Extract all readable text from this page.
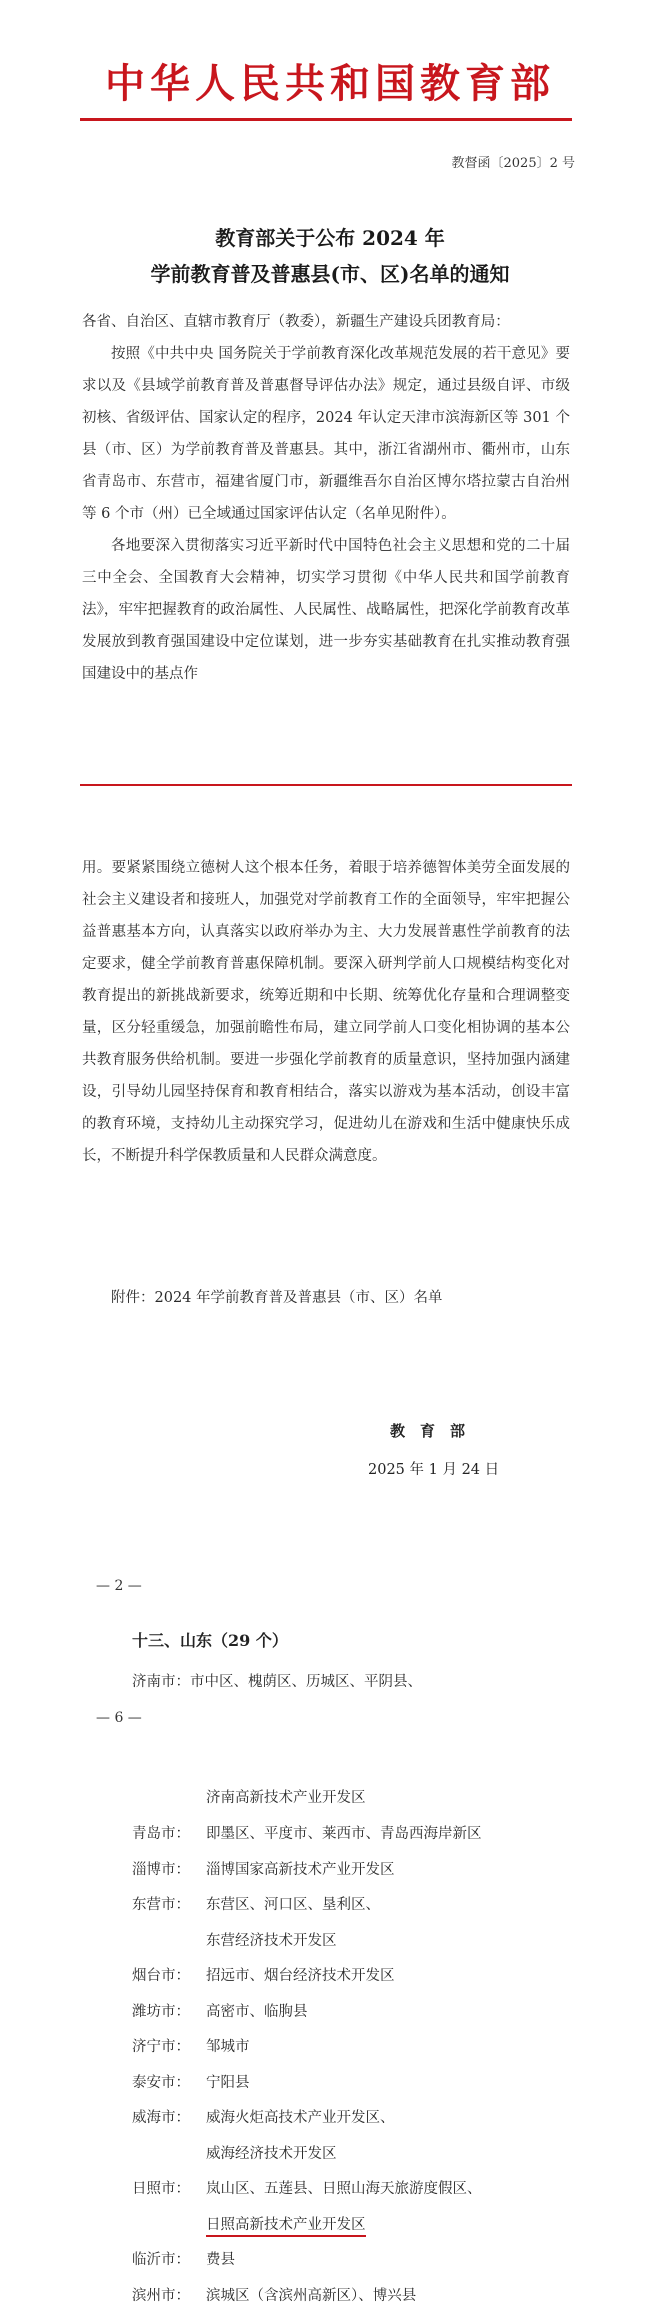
中华人民共和国教育部
教督函〔2025〕2 号
教育部关于公布 2024 年
学前教育普及普惠县(市、区)名单的通知

各省、自治区、直辖市教育厅（教委），新疆生产建设兵团教育局：

按照《中共中央 国务院关于学前教育深化改革规范发展的若干意见》要求以及《县域学前教育普及普惠督导评估办法》规定，通过县级自评、市级初核、省级评估、国家认定的程序，2024 年认定天津市滨海新区等 301 个县（市、区）为学前教育普及普惠县。其中，浙江省湖州市、衢州市，山东省青岛市、东营市，福建省厦门市，新疆维吾尔自治区博尔塔拉蒙古自治州等 6 个市（州）已全域通过国家评估认定（名单见附件）。

各地要深入贯彻落实习近平新时代中国特色社会主义思想和党的二十届三中全会、全国教育大会精神，切实学习贯彻《中华人民共和国学前教育法》，牢牢把握教育的政治属性、人民属性、战略属性，把深化学前教育改革发展放到教育强国建设中定位谋划，进一步夯实基础教育在扎实推动教育强国建设中的基点作

用。要紧紧围绕立德树人这个根本任务，着眼于培养德智体美劳全面发展的社会主义建设者和接班人，加强党对学前教育工作的全面领导，牢牢把握公益普惠基本方向，认真落实以政府举办为主、大力发展普惠性学前教育的法定要求，健全学前教育普惠保障机制。要深入研判学前人口规模结构变化对教育提出的新挑战新要求，统筹近期和中长期、统筹优化存量和合理调整变量，区分轻重缓急，加强前瞻性布局，建立同学前人口变化相协调的基本公共教育服务供给机制。要进一步强化学前教育的质量意识，坚持加强内涵建设，引导幼儿园坚持保育和教育相结合，落实以游戏为基本活动，创设丰富的教育环境，支持幼儿主动探究学习，促进幼儿在游戏和生活中健康快乐成长，不断提升科学保教质量和人民群众满意度。

附件：2024 年学前教育普及普惠县（市、区）名单

教　育　部
2025 年 1 月 24 日
— 2 —
十三、山东（29 个）
济南市：市中区、槐荫区、历城区、平阴县、
— 6 —
济南高新技术产业开发区
青岛市： 即墨区、平度市、莱西市、青岛西海岸新区
淄博市： 淄博国家高新技术产业开发区
东营市： 东营区、河口区、垦利区、
东营经济技术开发区
烟台市： 招远市、烟台经济技术开发区
潍坊市： 高密市、临朐县
济宁市： 邹城市
泰安市： 宁阳县
威海市： 威海火炬高技术产业开发区、
威海经济技术开发区
日照市： 岚山区、五莲县、日照山海天旅游度假区、
日照高新技术产业开发区
临沂市： 费县
滨州市： 滨城区（含滨州高新区）、博兴县
